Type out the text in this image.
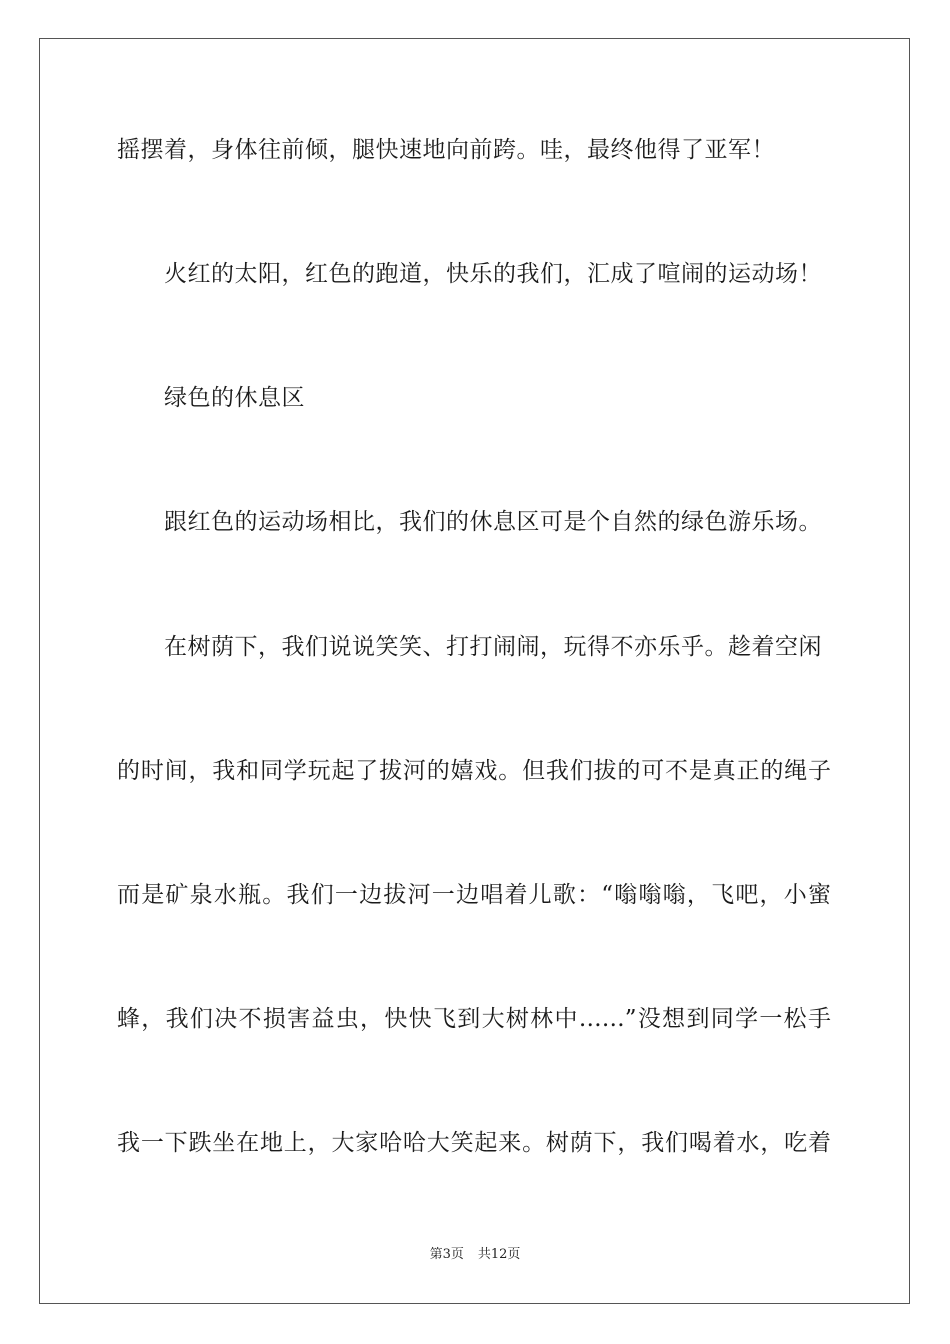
摇摆着，身体往前倾，腿快速地向前跨。哇，最终他得了亚军！
火红的太阳，红色的跑道，快乐的我们，汇成了喧闹的运动场！
绿色的休息区
跟红色的运动场相比，我们的休息区可是个自然的绿色游乐场。
在树荫下，我们说说笑笑、打打闹闹，玩得不亦乐乎。趁着空闲
的时间，我和同学玩起了拔河的嬉戏。但我们拔的可不是真正的绳子
而是矿泉水瓶。我们一边拔河一边唱着儿歌：“嗡嗡嗡，飞吧，小蜜
蜂，我们决不损害益虫，快快飞到大树林中……”没想到同学一松手
我一下跌坐在地上，大家哈哈大笑起来。树荫下，我们喝着水，吃着
第3页 共12页
